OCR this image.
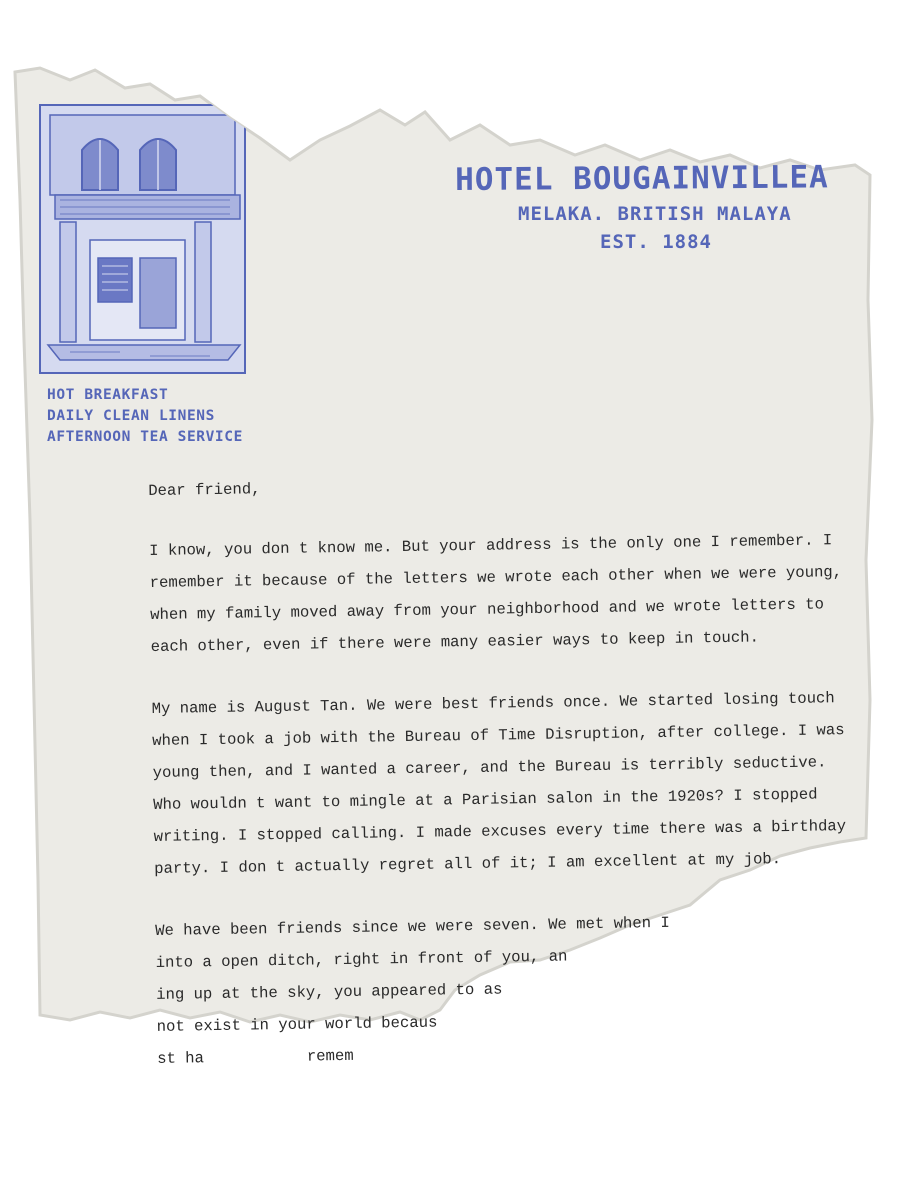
HOTEL BOUGAINVILLEA
MELAKA. BRITISH MALAYA
EST. 1884
HOT BREAKFAST
DAILY CLEAN LINENS
AFTERNOON TEA SERVICE
Dear friend,
I know, you don t know me. But your address is the only one I remember. I
remember it because of the letters we wrote each other when we were young,
when my family moved away from your neighborhood and we wrote letters to
each other, even if there were many easier ways to keep in touch.
My name is August Tan. We were best friends once. We started losing touch
when I took a job with the Bureau of Time Disruption, after college. I was
young then, and I wanted a career, and the Bureau is terribly seductive.
Who wouldn t want to mingle at a Parisian salon in the 1920s? I stopped
writing. I stopped calling. I made excuses every time there was a birthday
party. I don t actually regret all of it; I am excellent at my job.
We have been friends since we were seven. We met when I
into a open ditch, right in front of you, an
ing up at the sky, you appeared to as
not exist in your world becaus
st ha           remem
